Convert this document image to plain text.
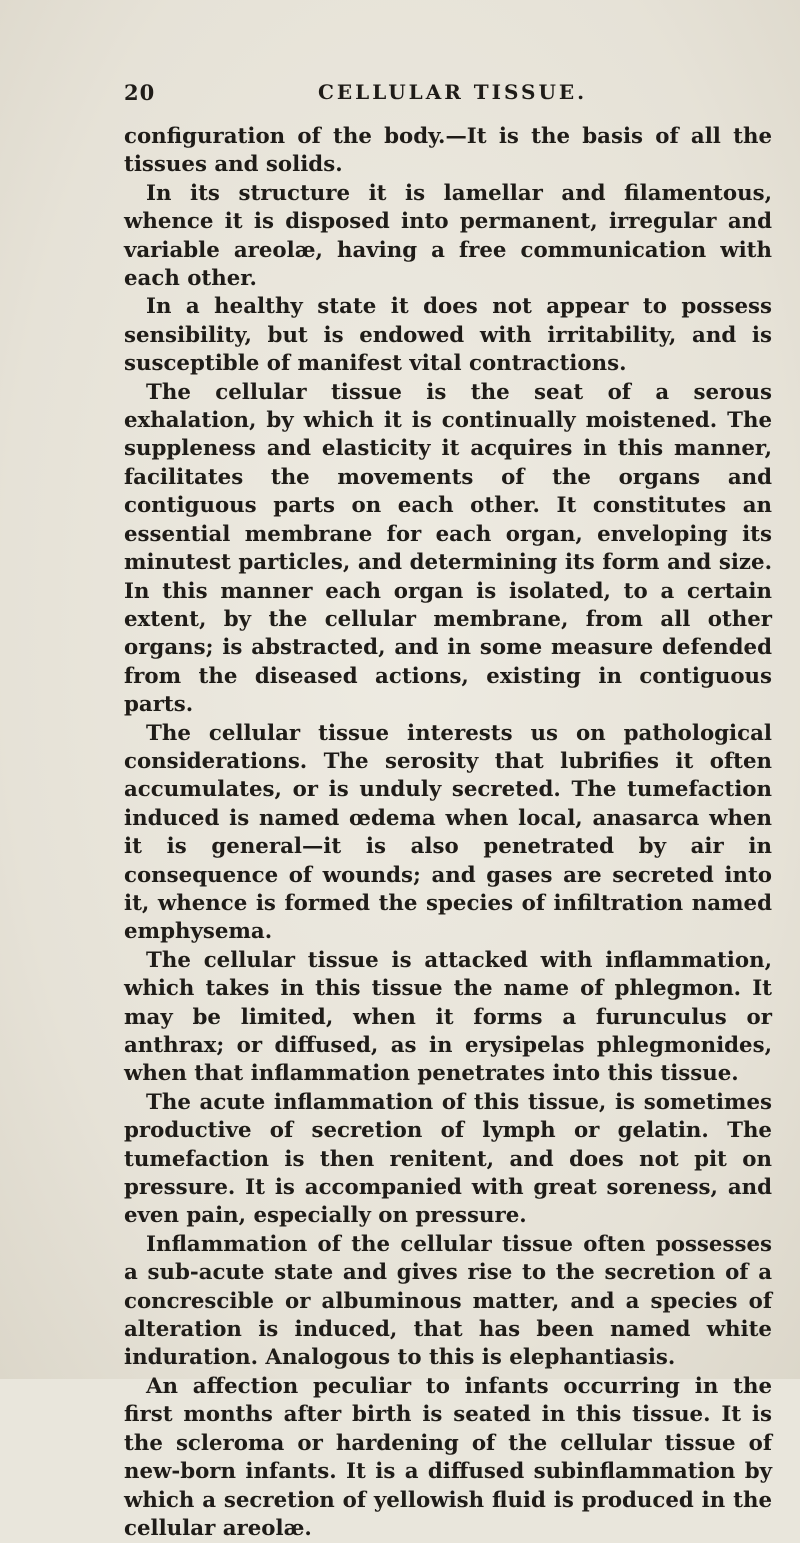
20	CELLULAR TISSUE.

configuration of the body.—It is the basis of all the tissues and solids.

In its structure it is lamellar and filamentous, whence it is disposed into permanent, irregular and variable areolæ, having a free communication with each other.

In a healthy state it does not appear to possess sensibility, but is endowed with irritability, and is susceptible of manifest vital contractions.

The cellular tissue is the seat of a serous exhalation, by which it is continually moistened. The suppleness and elasticity it acquires in this manner, facilitates the movements of the organs and contiguous parts on each other. It constitutes an essential membrane for each organ, enveloping its minutest particles, and determining its form and size. In this manner each organ is isolated, to a certain extent, by the cellular membrane, from all other organs; is abstracted, and in some measure defended from the diseased actions, existing in contiguous parts.

The cellular tissue interests us on pathological considerations. The serosity that lubrifies it often accumulates, or is unduly secreted. The tumefaction induced is named œdema when local, anasarca when it is general—it is also penetrated by air in consequence of wounds; and gases are secreted into it, whence is formed the species of infiltration named emphysema.

The cellular tissue is attacked with inflammation, which takes in this tissue the name of phlegmon. It may be limited, when it forms a furunculus or anthrax; or diffused, as in erysipelas phlegmonides, when that inflammation penetrates into this tissue.

The acute inflammation of this tissue, is sometimes productive of secretion of lymph or gelatin. The tumefaction is then renitent, and does not pit on pressure. It is accompanied with great soreness, and even pain, especially on pressure.

Inflammation of the cellular tissue often possesses a sub-acute state and gives rise to the secretion of a concrescible or albuminous matter, and a species of alteration is induced, that has been named white induration. Analogous to this is elephantiasis.

An affection peculiar to infants occurring in the first months after birth is seated in this tissue. It is the scleroma or hardening of the cellular tissue of new-born infants. It is a diffused subinflammation by which a secretion of yellowish fluid is produced in the cellular areolæ.
